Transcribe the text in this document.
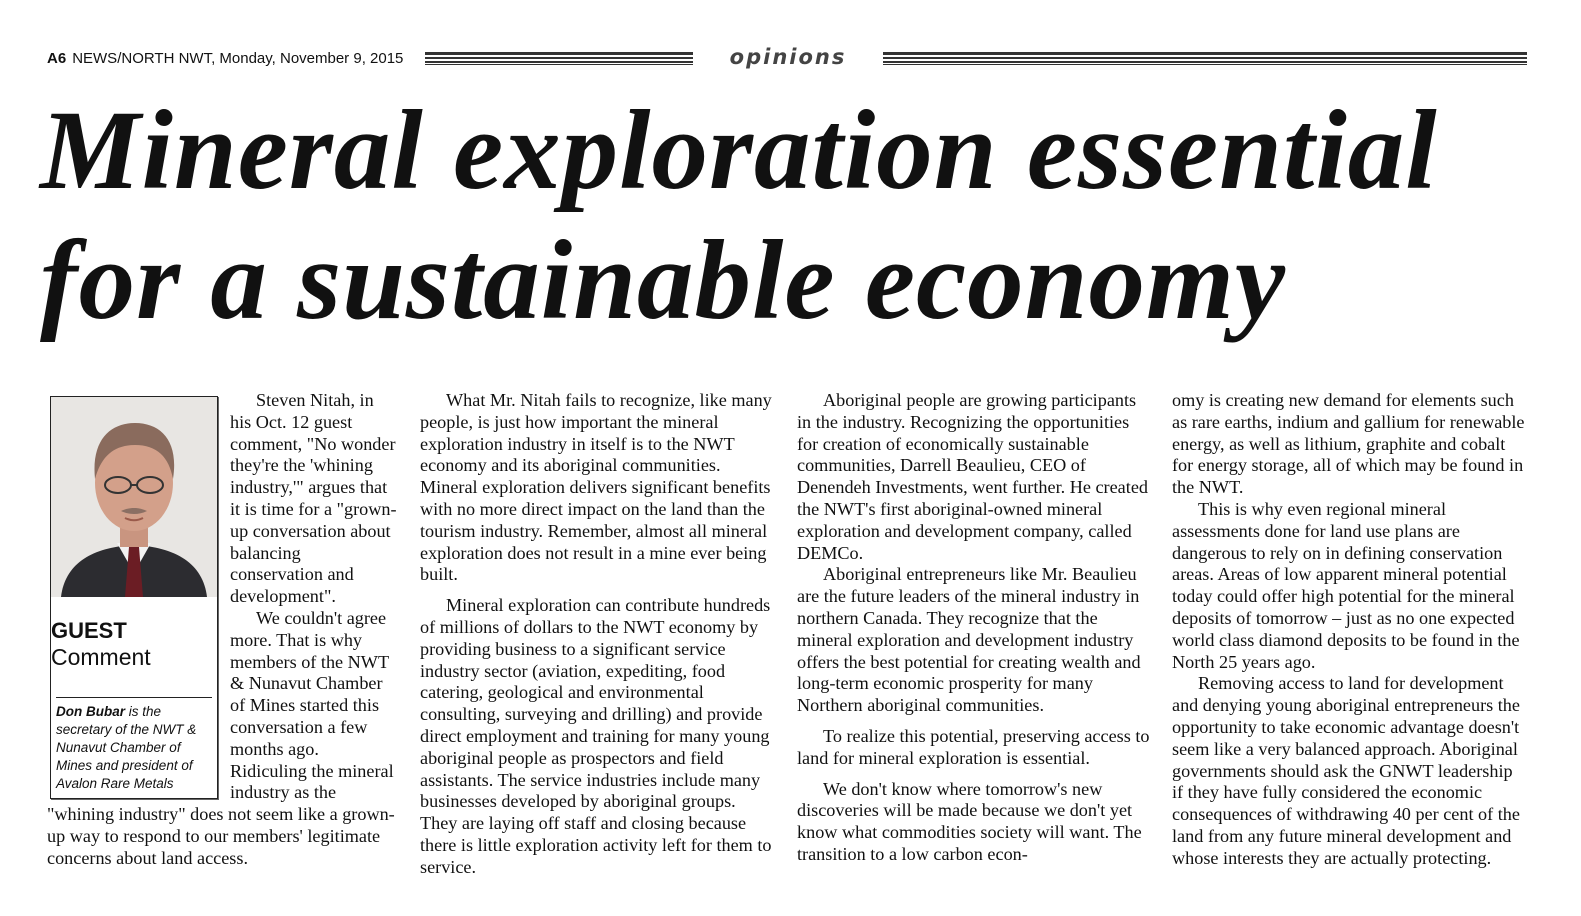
A6 NEWS/NORTH NWT, Monday, November 9, 2015	opinions
Mineral exploration essential
for a sustainable economy

GUEST
Comment
Don Bubar is the secretary of the NWT & Nunavut Chamber of Mines and president of Avalon Rare Metals
Steven Nitah, in his Oct. 12 guest comment, "No wonder they're the 'whining industry,'" argues that it is time for a "grown-up conversation about balancing conservation and development".

We couldn't agree more. That is why members of the NWT & Nunavut Chamber of Mines started this conversation a few months ago. Ridiculing the mineral industry as the "whining industry" does not seem like a grown-up way to respond to our members' legitimate concerns about land access.

What Mr. Nitah fails to recognize, like many people, is just how important the mineral exploration industry in itself is to the NWT economy and its aboriginal communities. Mineral exploration delivers significant benefits with no more direct impact on the land than the tourism industry. Remember, almost all mineral exploration does not result in a mine ever being built.

Mineral exploration can contribute hundreds of millions of dollars to the NWT economy by providing business to a significant service industry sector (aviation, expediting, food catering, geological and environmental consulting, surveying and drilling) and provide direct employment and training for many young aboriginal people as prospectors and field assistants. The service industries include many businesses developed by aboriginal groups. They are laying off staff and closing because there is little exploration activity left for them to service.

Aboriginal people are growing participants in the industry. Recognizing the opportunities for creation of economically sustainable communities, Darrell Beaulieu, CEO of Denendeh Investments, went further. He created the NWT's first aboriginal-owned mineral exploration and development company, called DEMCo.

Aboriginal entrepreneurs like Mr. Beaulieu are the future leaders of the mineral industry in northern Canada. They recognize that the mineral exploration and development industry offers the best potential for creating wealth and long-term economic prosperity for many Northern aboriginal communities.

To realize this potential, preserving access to land for mineral exploration is essential.

We don't know where tomorrow's new discoveries will be made because we don't yet know what commodities society will want. The transition to a low carbon econ-

omy is creating new demand for elements such as rare earths, indium and gallium for renewable energy, as well as lithium, graphite and cobalt for energy storage, all of which may be found in the NWT.

This is why even regional mineral assessments done for land use plans are dangerous to rely on in defining conservation areas. Areas of low apparent mineral potential today could offer high potential for the mineral deposits of tomorrow – just as no one expected world class diamond deposits to be found in the North 25 years ago.

Removing access to land for development and denying young aboriginal entrepreneurs the opportunity to take economic advantage doesn't seem like a very balanced approach. Aboriginal governments should ask the GNWT leadership if they have fully considered the economic consequences of withdrawing 40 per cent of the land from any future mineral development and whose interests they are actually protecting.
